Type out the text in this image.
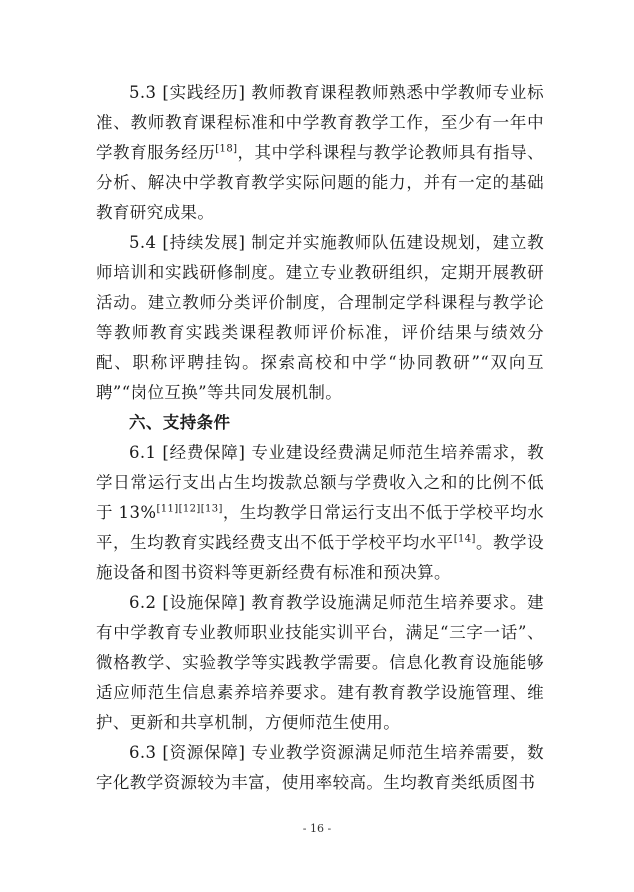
5.3 [实践经历] 教师教育课程教师熟悉中学教师专业标准、教师教育课程标准和中学教育教学工作，至少有一年中学教育服务经历[18]，其中学科课程与教学论教师具有指导、分析、解决中学教育教学实际问题的能力，并有一定的基础教育研究成果。

5.4 [持续发展] 制定并实施教师队伍建设规划，建立教师培训和实践研修制度。建立专业教研组织，定期开展教研活动。建立教师分类评价制度，合理制定学科课程与教学论等教师教育实践类课程教师评价标准，评价结果与绩效分配、职称评聘挂钩。探索高校和中学“协同教研”“双向互聘”“岗位互换”等共同发展机制。

六、支持条件

6.1 [经费保障] 专业建设经费满足师范生培养需求，教学日常运行支出占生均拨款总额与学费收入之和的比例不低于 13%[11][12][13]，生均教学日常运行支出不低于学校平均水平，生均教育实践经费支出不低于学校平均水平[14]。教学设施设备和图书资料等更新经费有标准和预决算。

6.2 [设施保障] 教育教学设施满足师范生培养要求。建有中学教育专业教师职业技能实训平台，满足“三字一话”、微格教学、实验教学等实践教学需要。信息化教育设施能够适应师范生信息素养培养要求。建有教育教学设施管理、维护、更新和共享机制，方便师范生使用。

6.3 [资源保障] 专业教学资源满足师范生培养需要，数字化教学资源较为丰富，使用率较高。生均教育类纸质图书

- 16 -
